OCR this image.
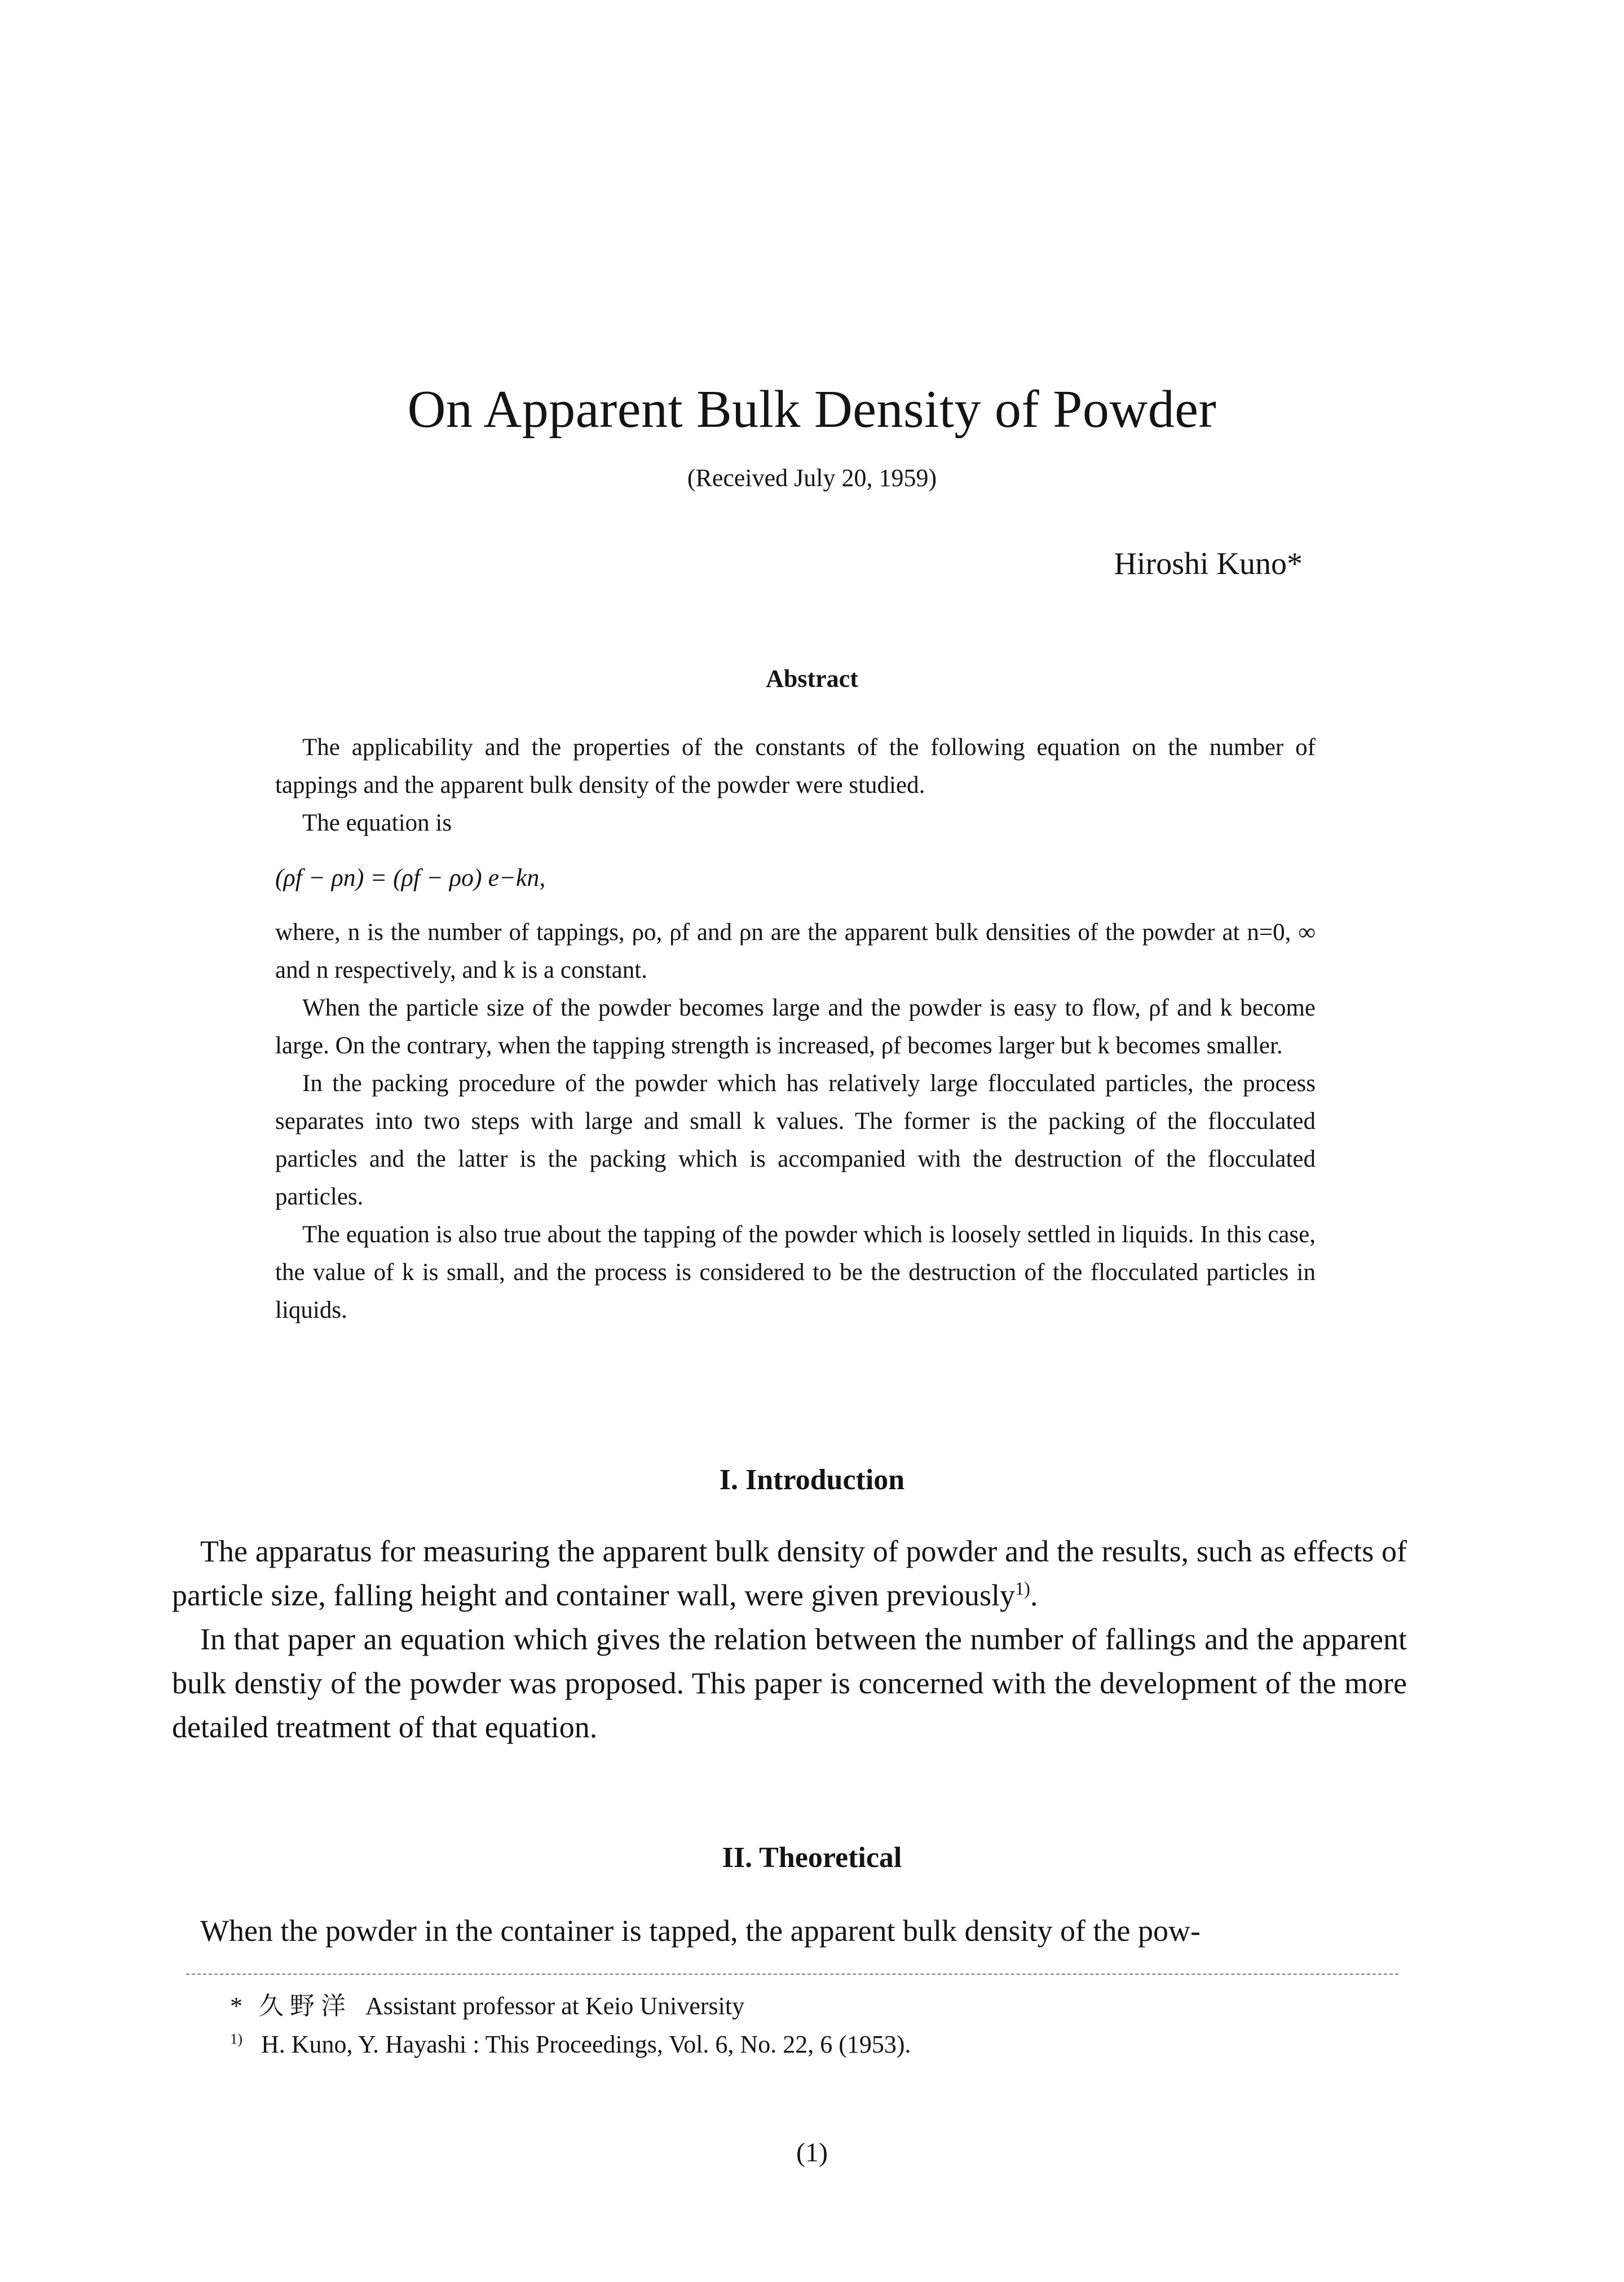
On Apparent Bulk Density of Powder
(Received July 20, 1959)
Hiroshi Kuno*
Abstract

The applicability and the properties of the constants of the following equation on the number of tappings and the apparent bulk density of the powder were studied.

The equation is

(ρf − ρn) = (ρf − ρo) e−kn,

where, n is the number of tappings, ρo, ρf and ρn are the apparent bulk densities of the powder at n=0, ∞ and n respectively, and k is a constant.

When the particle size of the powder becomes large and the powder is easy to flow, ρf and k become large. On the contrary, when the tapping strength is increased, ρf becomes larger but k becomes smaller.

In the packing procedure of the powder which has relatively large flocculated particles, the process separates into two steps with large and small k values. The former is the packing of the flocculated particles and the latter is the packing which is accompanied with the destruction of the flocculated particles.

The equation is also true about the tapping of the powder which is loosely settled in liquids. In this case, the value of k is small, and the process is considered to be the destruction of the flocculated particles in liquids.

I. Introduction

The apparatus for measuring the apparent bulk density of powder and the results, such as effects of particle size, falling height and container wall, were given previously$^{1)}$.

In that paper an equation which gives the relation between the number of fallings and the apparent bulk denstiy of the powder was proposed. This paper is concerned with the development of the more detailed treatment of that equation.

II. Theoretical

When the powder in the container is tapped, the apparent bulk density of the pow-

* 久 野 洋 Assistant professor at Keio University
$^{1)}$ H. Kuno, Y. Hayashi : This Proceedings, Vol. 6, No. 22, 6 (1953).
(1)
